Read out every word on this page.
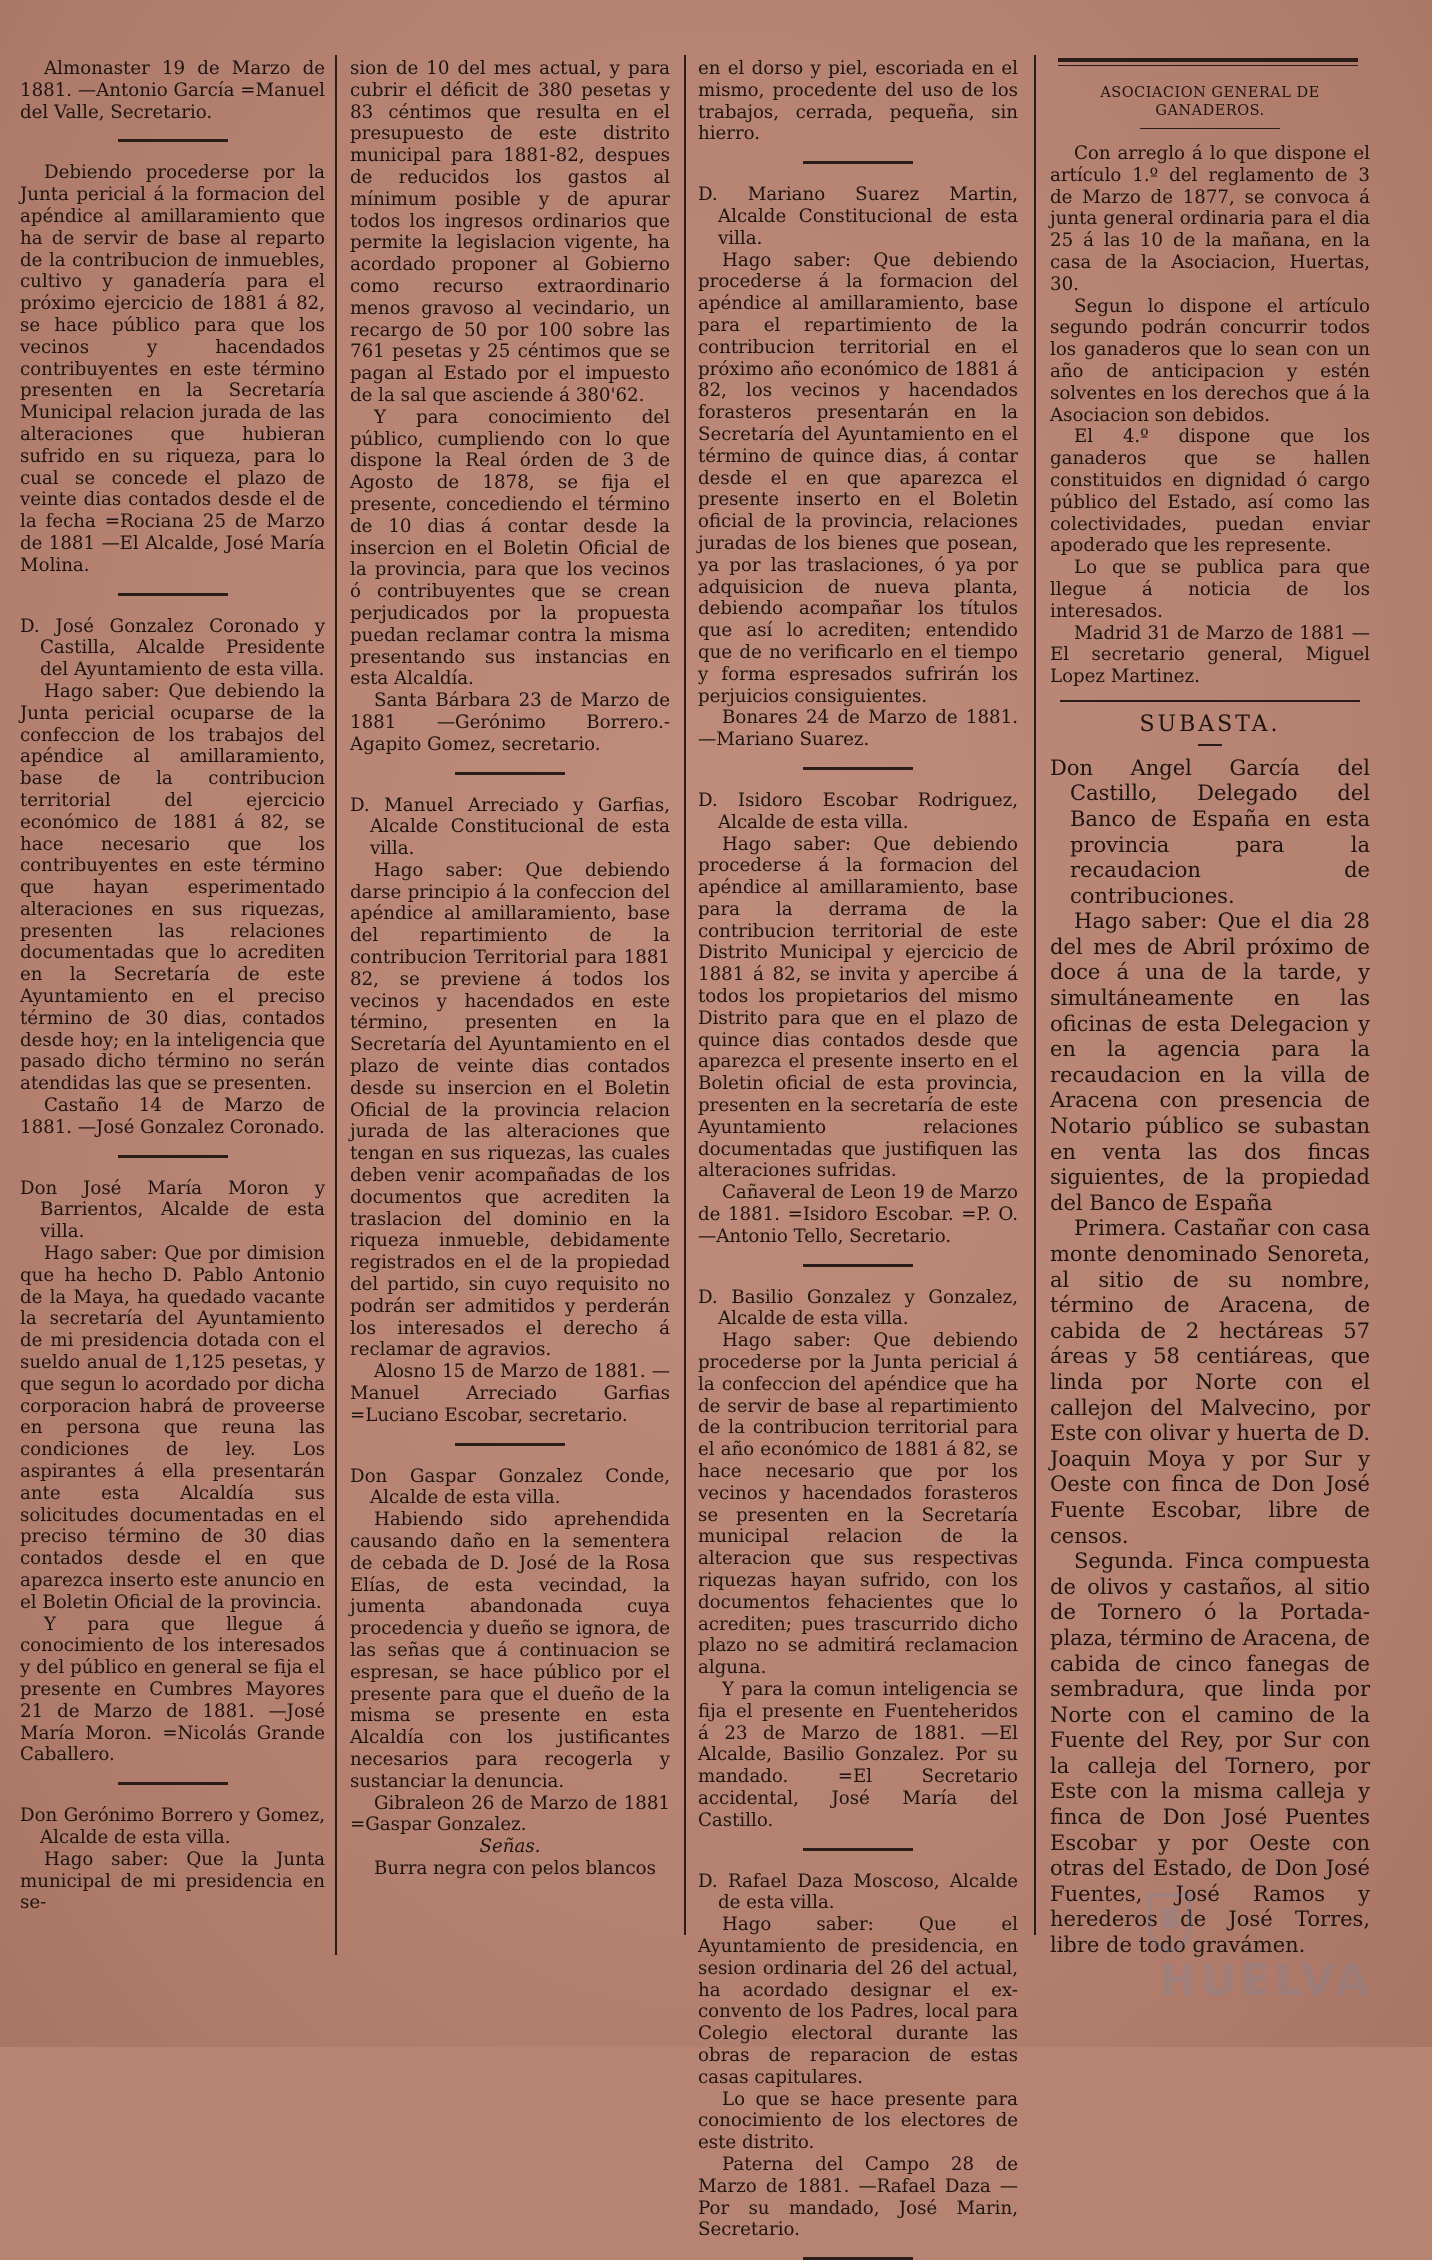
Almonaster 19 de Marzo de 1881. —Antonio García =Manuel del Valle, Secretario.

Debiendo procederse por la Junta pericial á la formacion del apéndice al amillaramiento que ha de servir de base al reparto de la contribucion de inmuebles, cultivo y ganadería para el próximo ejercicio de 1881 á 82, se hace público para que los vecinos y hacendados contribuyentes en este término presenten en la Secretaría Municipal relacion jurada de las alteraciones que hubieran sufrido en su riqueza, para lo cual se concede el plazo de veinte dias contados desde el de la fecha =Rociana 25 de Marzo de 1881 —El Alcalde, José María Molina.

D. José Gonzalez Coronado y Castilla, Alcalde Presidente del Ayuntamiento de esta villa.

Hago saber: Que debiendo la Junta pericial ocuparse de la confeccion de los trabajos del apéndice al amillaramiento, base de la contribucion territorial del ejercicio económico de 1881 á 82, se hace necesario que los contribuyentes en este término que hayan esperimentado alteraciones en sus riquezas, presenten las relaciones documentadas que lo acrediten en la Secretaría de este Ayuntamiento en el preciso término de 30 dias, contados desde hoy; en la inteligencia que pasado dicho término no serán atendidas las que se presenten.

Castaño 14 de Marzo de 1881. —José Gonzalez Coronado.

Don José María Moron y Barrientos, Alcalde de esta villa.

Hago saber: Que por dimision que ha hecho D. Pablo Antonio de la Maya, ha quedado vacante la secretaría del Ayuntamiento de mi presidencia dotada con el sueldo anual de 1,125 pesetas, y que segun lo acordado por dicha corporacion habrá de proveerse en persona que reuna las condiciones de ley. Los aspirantes á ella presentarán ante esta Alcaldía sus solicitudes documentadas en el preciso término de 30 dias contados desde el en que aparezca inserto este anuncio en el Boletin Oficial de la provincia.

Y para que llegue á conocimiento de los interesados y del público en general se fija el presente en Cumbres Mayores 21 de Marzo de 1881. —José María Moron. =Nicolás Grande Caballero.

Don Gerónimo Borrero y Gomez, Alcalde de esta villa.

Hago saber: Que la Junta municipal de mi presidencia en se-

sion de 10 del mes actual, y para cubrir el déficit de 380 pesetas y 83 céntimos que resulta en el presupuesto de este distrito municipal para 1881-82, despues de reducidos los gastos al mínimum posible y de apurar todos los ingresos ordinarios que permite la legislacion vigente, ha acordado proponer al Gobierno como recurso extraordinario menos gravoso al vecindario, un recargo de 50 por 100 sobre las 761 pesetas y 25 céntimos que se pagan al Estado por el impuesto de la sal que asciende á 380'62.

Y para conocimiento del público, cumpliendo con lo que dispone la Real órden de 3 de Agosto de 1878, se fija el presente, concediendo el término de 10 dias á contar desde la insercion en el Boletin Oficial de la provincia, para que los vecinos ó contribuyentes que se crean perjudicados por la propuesta puedan reclamar contra la misma presentando sus instancias en esta Alcaldía.

Santa Bárbara 23 de Marzo de 1881 —Gerónimo Borrero.-Agapito Gomez, secretario.

D. Manuel Arreciado y Garfias, Alcalde Constitucional de esta villa.

Hago saber: Que debiendo darse principio á la confeccion del apéndice al amillaramiento, base del repartimiento de la contribucion Territorial para 1881 82, se previene á todos los vecinos y hacendados en este término, presenten en la Secretaría del Ayuntamiento en el plazo de veinte dias contados desde su insercion en el Boletin Oficial de la provincia relacion jurada de las alteraciones que tengan en sus riquezas, las cuales deben venir acompañadas de los documentos que acrediten la traslacion del dominio en la riqueza inmueble, debidamente registrados en el de la propiedad del partido, sin cuyo requisito no podrán ser admitidos y perderán los interesados el derecho á reclamar de agravios.

Alosno 15 de Marzo de 1881. —Manuel Arreciado Garfias =Luciano Escobar, secretario.

Don Gaspar Gonzalez Conde, Alcalde de esta villa.

Habiendo sido aprehendida causando daño en la sementera de cebada de D. José de la Rosa Elías, de esta vecindad, la jumenta abandonada cuya procedencia y dueño se ignora, de las señas que á continuacion se espresan, se hace público por el presente para que el dueño de la misma se presente en esta Alcaldía con los justificantes necesarios para recogerla y sustanciar la denuncia.

Gibraleon 26 de Marzo de 1881 =Gaspar Gonzalez.

Señas.

Burra negra con pelos blancos

en el dorso y piel, escoriada en el mismo, procedente del uso de los trabajos, cerrada, pequeña, sin hierro.

D. Mariano Suarez Martin, Alcalde Constitucional de esta villa.

Hago saber: Que debiendo procederse á la formacion del apéndice al amillaramiento, base para el repartimiento de la contribucion territorial en el próximo año económico de 1881 á 82, los vecinos y hacendados forasteros presentarán en la Secretaría del Ayuntamiento en el término de quince dias, á contar desde el en que aparezca el presente inserto en el Boletin oficial de la provincia, relaciones juradas de los bienes que posean, ya por las traslaciones, ó ya por adquisicion de nueva planta, debiendo acompañar los títulos que así lo acrediten; entendido que de no verificarlo en el tiempo y forma espresados sufrirán los perjuicios consiguientes.

Bonares 24 de Marzo de 1881. —Mariano Suarez.

D. Isidoro Escobar Rodriguez, Alcalde de esta villa.

Hago saber: Que debiendo procederse á la formacion del apéndice al amillaramiento, base para la derrama de la contribucion territorial de este Distrito Municipal y ejercicio de 1881 á 82, se invita y apercibe á todos los propietarios del mismo Distrito para que en el plazo de quince dias contados desde que aparezca el presente inserto en el Boletin oficial de esta provincia, presenten en la secretaría de este Ayuntamiento relaciones documentadas que justifiquen las alteraciones sufridas.

Cañaveral de Leon 19 de Marzo de 1881. =Isidoro Escobar. =P. O. —Antonio Tello, Secretario.

D. Basilio Gonzalez y Gonzalez, Alcalde de esta villa.

Hago saber: Que debiendo procederse por la Junta pericial á la confeccion del apéndice que ha de servir de base al repartimiento de la contribucion territorial para el año económico de 1881 á 82, se hace necesario que por los vecinos y hacendados forasteros se presenten en la Secretaría municipal relacion de la alteracion que sus respectivas riquezas hayan sufrido, con los documentos fehacientes que lo acrediten; pues trascurrido dicho plazo no se admitirá reclamacion alguna.

Y para la comun inteligencia se fija el presente en Fuenteheridos á 23 de Marzo de 1881. —El Alcalde, Basilio Gonzalez. Por su mandado. =El Secretario accidental, José María del Castillo.

D. Rafael Daza Moscoso, Alcalde de esta villa.

Hago saber: Que el Ayuntamiento de presidencia, en sesion ordinaria del 26 del actual, ha acordado designar el ex-convento de los Padres, local para Colegio electoral durante las obras de reparacion de estas casas capitulares.

Lo que se hace presente para conocimiento de los electores de este distrito.

Paterna del Campo 28 de Marzo de 1881. —Rafael Daza —Por su mandado, José Marin, Secretario.

ASOCIACION GENERAL DE GANADEROS.

Con arreglo á lo que dispone el artículo 1.º del reglamento de 3 de Marzo de 1877, se convoca á junta general ordinaria para el dia 25 á las 10 de la mañana, en la casa de la Asociacion, Huertas, 30.

Segun lo dispone el artículo segundo podrán concurrir todos los ganaderos que lo sean con un año de anticipacion y estén solventes en los derechos que á la Asociacion son debidos.

El 4.º dispone que los ganaderos que se hallen constituidos en dignidad ó cargo público del Estado, así como las colectividades, puedan enviar apoderado que les represente.

Lo que se publica para que llegue á noticia de los interesados.

Madrid 31 de Marzo de 1881 —El secretario general, Miguel Lopez Martinez.

SUBASTA.

Don Angel García del Castillo, Delegado del Banco de España en esta provincia para la recaudacion de contribuciones.

Hago saber: Que el dia 28 del mes de Abril próximo de doce á una de la tarde, y simultáneamente en las oficinas de esta Delegacion y en la agencia para la recaudacion en la villa de Aracena con presencia de Notario público se subastan en venta las dos fincas siguientes, de la propiedad del Banco de España

Primera. Castañar con casa monte denominado Senoreta, al sitio de su nombre, término de Aracena, de cabida de 2 hectáreas 57 áreas y 58 centiáreas, que linda por Norte con el callejon del Malvecino, por Este con olivar y huerta de D. Joaquin Moya y por Sur y Oeste con finca de Don José Fuente Escobar, libre de censos.

Segunda. Finca compuesta de olivos y castaños, al sitio de Tornero ó la Portada-plaza, término de Aracena, de cabida de cinco fanegas de sembradura, que linda por Norte con el camino de la Fuente del Rey, por Sur con la calleja del Tornero, por Este con la misma calleja y finca de Don José Puentes Escobar y por Oeste con otras del Estado, de Don José Fuentes, José Ramos y herederos de José Torres, libre de todo gravámen.

HUELVA
